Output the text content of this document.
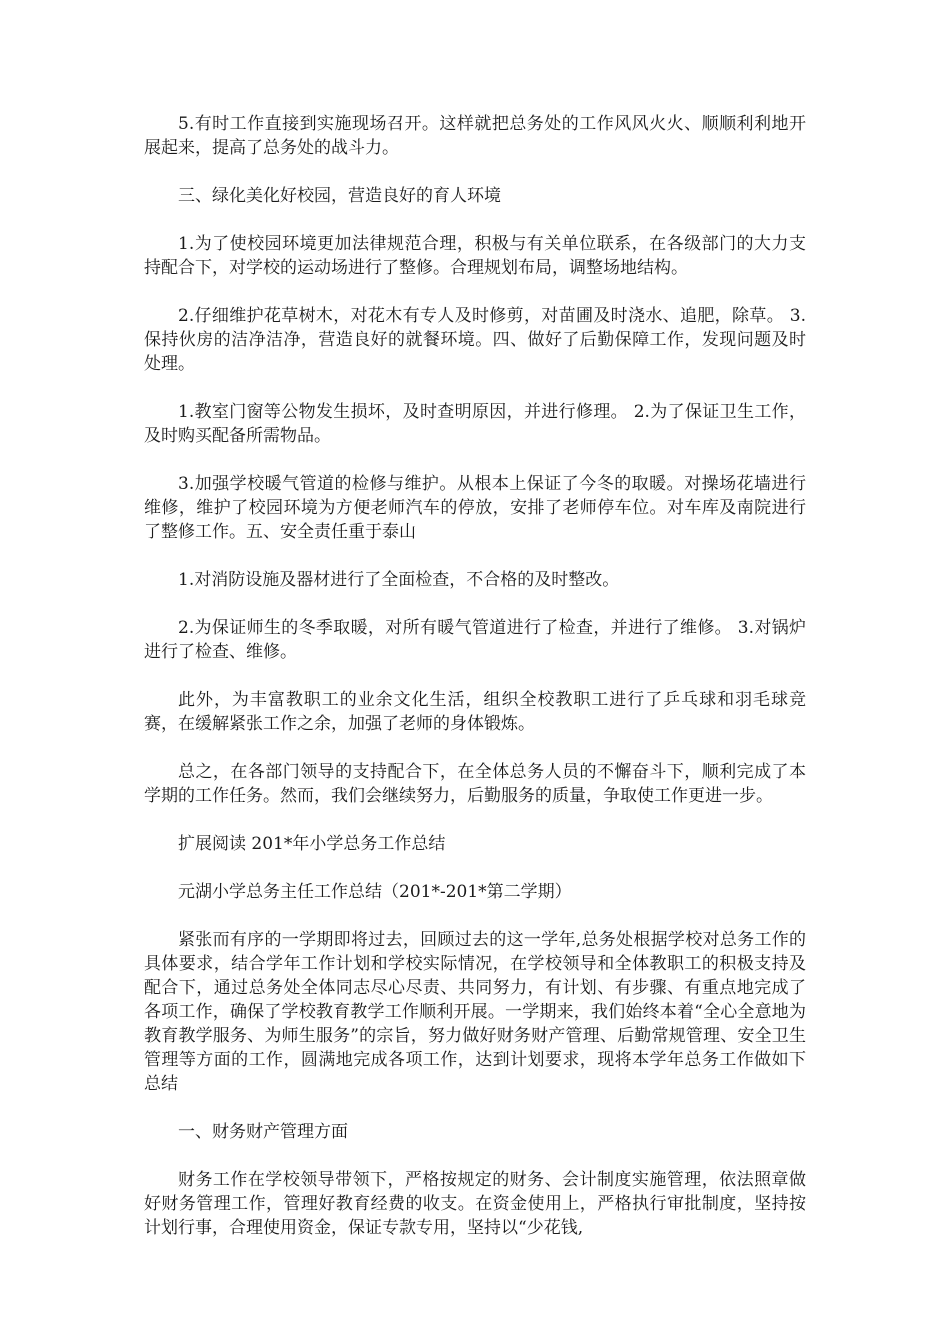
5.有时工作直接到实施现场召开。这样就把总务处的工作风风火火、顺顺利利地开展起来，提高了总务处的战斗力。

三、绿化美化好校园，营造良好的育人环境

1.为了使校园环境更加法律规范合理，积极与有关单位联系，在各级部门的大力支持配合下，对学校的运动场进行了整修。合理规划布局，调整场地结构。

2.仔细维护花草树木，对花木有专人及时修剪，对苗圃及时浇水、追肥，除草。 3.保持伙房的洁净洁净，营造良好的就餐环境。四、做好了后勤保障工作，发现问题及时处理。

1.教室门窗等公物发生损坏，及时查明原因，并进行修理。 2.为了保证卫生工作，及时购买配备所需物品。

3.加强学校暖气管道的检修与维护。从根本上保证了今冬的取暖。对操场花墙进行维修，维护了校园环境为方便老师汽车的停放，安排了老师停车位。对车库及南院进行了整修工作。五、安全责任重于泰山

1.对消防设施及器材进行了全面检查，不合格的及时整改。

2.为保证师生的冬季取暖，对所有暖气管道进行了检查，并进行了维修。 3.对锅炉进行了检查、维修。

此外，为丰富教职工的业余文化生活，组织全校教职工进行了乒乓球和羽毛球竞赛，在缓解紧张工作之余，加强了老师的身体锻炼。

总之，在各部门领导的支持配合下，在全体总务人员的不懈奋斗下，顺利完成了本学期的工作任务。然而，我们会继续努力，后勤服务的质量，争取使工作更进一步。

扩展阅读 201*年小学总务工作总结

元湖小学总务主任工作总结（201*-201*第二学期）

紧张而有序的一学期即将过去，回顾过去的这一学年,总务处根据学校对总务工作的具体要求，结合学年工作计划和学校实际情况，在学校领导和全体教职工的积极支持及配合下，通过总务处全体同志尽心尽责、共同努力，有计划、有步骤、有重点地完成了各项工作，确保了学校教育教学工作顺利开展。一学期来，我们始终本着“全心全意地为教育教学服务、为师生服务”的宗旨，努力做好财务财产管理、后勤常规管理、安全卫生管理等方面的工作，圆满地完成各项工作，达到计划要求，现将本学年总务工作做如下总结

一、财务财产管理方面

财务工作在学校领导带领下，严格按规定的财务、会计制度实施管理，依法照章做好财务管理工作，管理好教育经费的收支。在资金使用上，严格执行审批制度，坚持按计划行事，合理使用资金，保证专款专用，坚持以“少花钱,
